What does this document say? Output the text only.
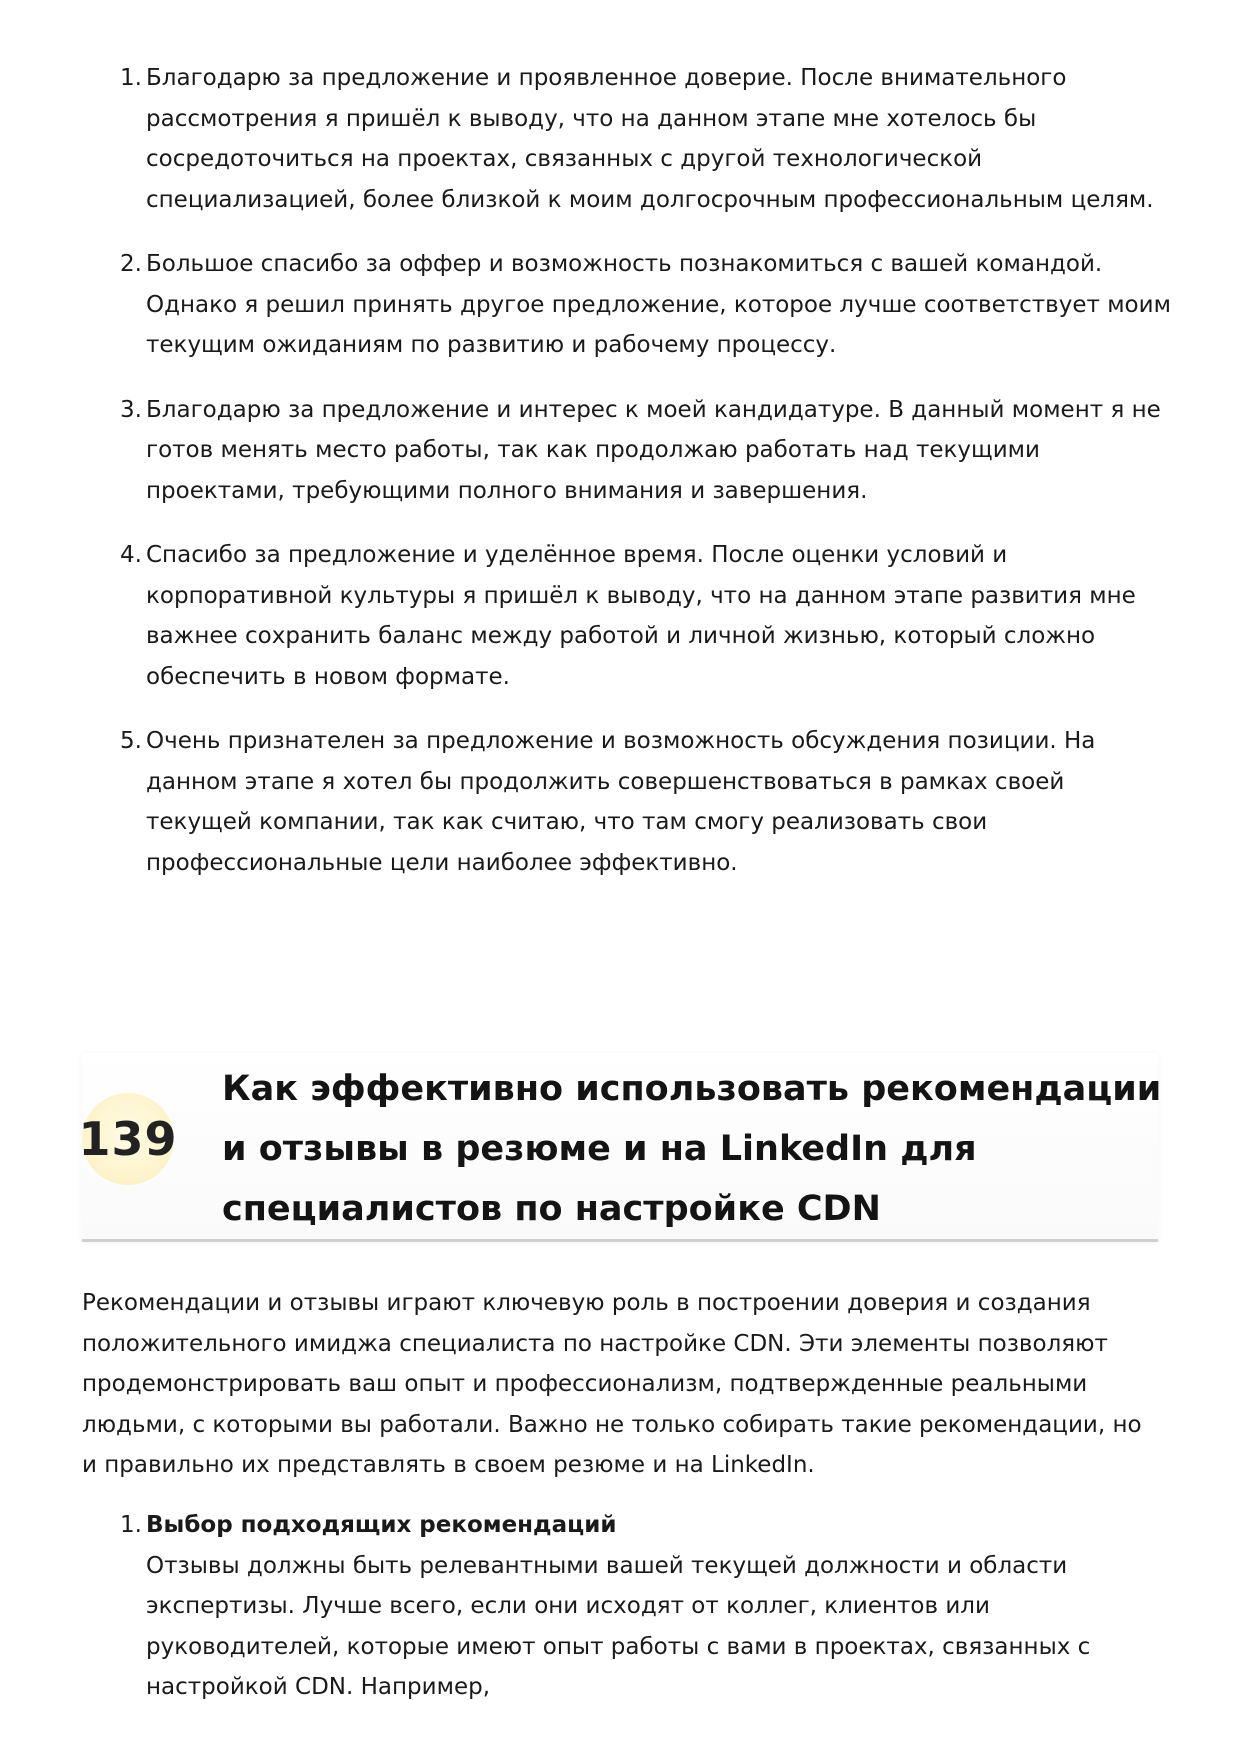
1. Благодарю за предложение и проявленное доверие. После внимательного рассмотрения я пришёл к выводу, что на данном этапе мне хотелось бы сосредоточиться на проектах, связанных с другой технологической специализацией, более близкой к моим долгосрочным профессиональным целям.
2. Большое спасибо за оффер и возможность познакомиться с вашей командой. Однако я решил принять другое предложение, которое лучше соответствует моим текущим ожиданиям по развитию и рабочему процессу.
3. Благодарю за предложение и интерес к моей кандидатуре. В данный момент я не готов менять место работы, так как продолжаю работать над текущими проектами, требующими полного внимания и завершения.
4. Спасибо за предложение и уделённое время. После оценки условий и корпоративной культуры я пришёл к выводу, что на данном этапе развития мне важнее сохранить баланс между работой и личной жизнью, который сложно обеспечить в новом формате.
5. Очень признателен за предложение и возможность обсуждения позиции. На данном этапе я хотел бы продолжить совершенствоваться в рамках своей текущей компании, так как считаю, что там смогу реализовать свои профессиональные цели наиболее эффективно.
139
Как эффективно использовать рекомендации и отзывы в резюме и на LinkedIn для специалистов по настройке CDN

Рекомендации и отзывы играют ключевую роль в построении доверия и создания положительного имиджа специалиста по настройке CDN. Эти элементы позволяют продемонстрировать ваш опыт и профессионализм, подтвержденные реальными людьми, с которыми вы работали. Важно не только собирать такие рекомендации, но и правильно их представлять в своем резюме и на LinkedIn.

1. Выбор подходящих рекомендаций
Отзывы должны быть релевантными вашей текущей должности и области экспертизы. Лучше всего, если они исходят от коллег, клиентов или руководителей, которые имеют опыт работы с вами в проектах, связанных с настройкой CDN. Например,
